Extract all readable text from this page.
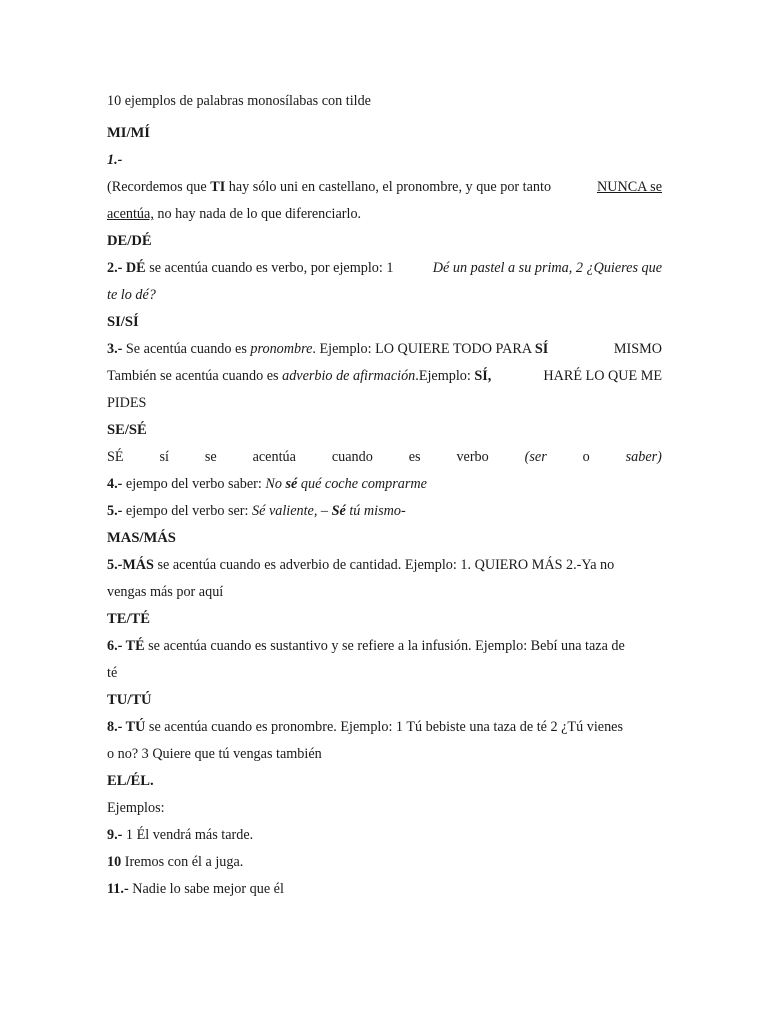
10 ejemplos de palabras monosílabas con tilde
MI/MÍ
1.-
(Recordemos que TI hay sólo uni en castellano, el pronombre, y que por tanto	NUNCA se
acentúa, no hay nada de lo que diferenciarlo.
DE/DÉ
2.- DÉ se acentúa cuando es verbo, por ejemplo: 1	Dé un pastel a su prima, 2 ¿Quieres que
te lo dé?
SI/SÍ
3.- Se acentúa cuando es pronombre. Ejemplo: LO QUIERE TODO PARA SÍ	MISMO
También se acentúa cuando es adverbio de afirmación.Ejemplo: SÍ,	HARÉ LO QUE ME
PIDES
SE/SÉ
SÉ	sí	se	acentúa	cuando	es	verbo	(ser	o	saber)
4.- ejempo del verbo saber: No sé qué coche comprarme
5.- ejempo del verbo ser: Sé valiente, – Sé tú mismo-
MAS/MÁS
5.-MÁS se acentúa cuando es adverbio de cantidad. Ejemplo: 1. QUIERO MÁS 2.-Ya no
vengas más por aquí
TE/TÉ
6.- TÉ se acentúa cuando es sustantivo y se refiere a la infusión. Ejemplo: Bebí una taza de
té
TU/TÚ
8.- TÚ se acentúa cuando es pronombre. Ejemplo: 1 Tú bebiste una taza de té 2 ¿Tú vienes
o no? 3 Quiere que tú vengas también
EL/ÉL.
Ejemplos:
9.- 1 Él vendrá más tarde.
10 Iremos con él a juga.
11.- Nadie lo sabe mejor que él
